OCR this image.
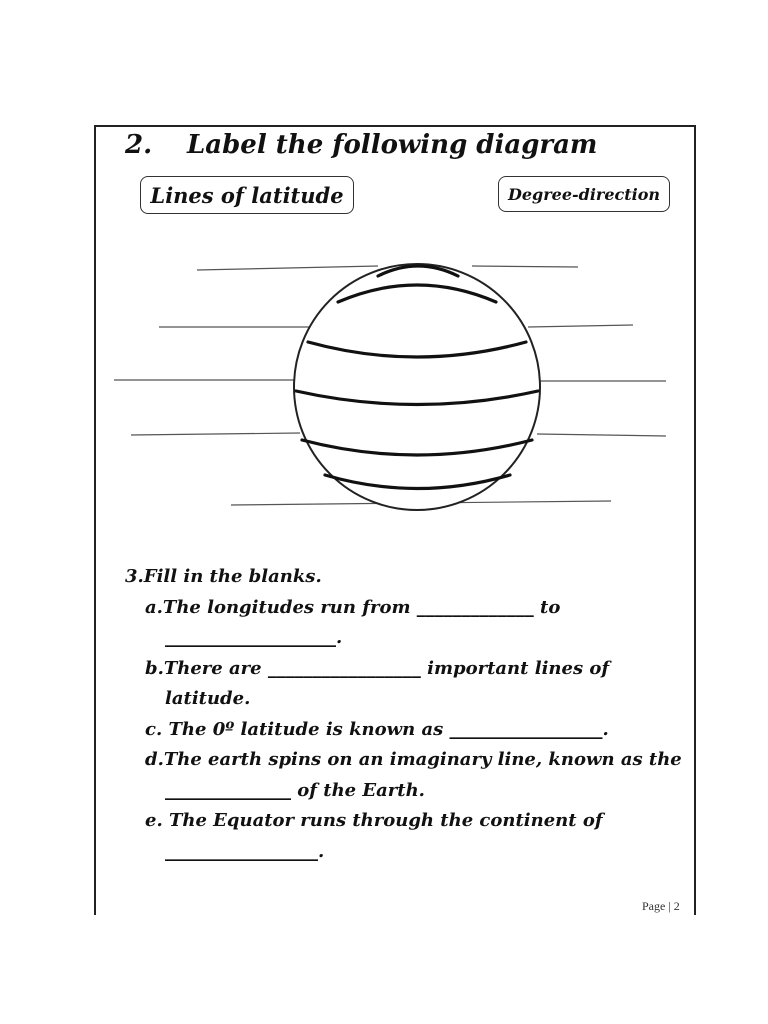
2. Label the following diagram
Lines of latitude	Degree-direction
3.Fill in the blanks.
a.The longitudes run from _____________ to
___________________.
b.There are _________________ important lines of
latitude.
c. The 0º latitude is known as _________________.
d.The earth spins on an imaginary line, known as the
______________ of the Earth.
e. The Equator runs through the continent of
_________________.
Page | 2
